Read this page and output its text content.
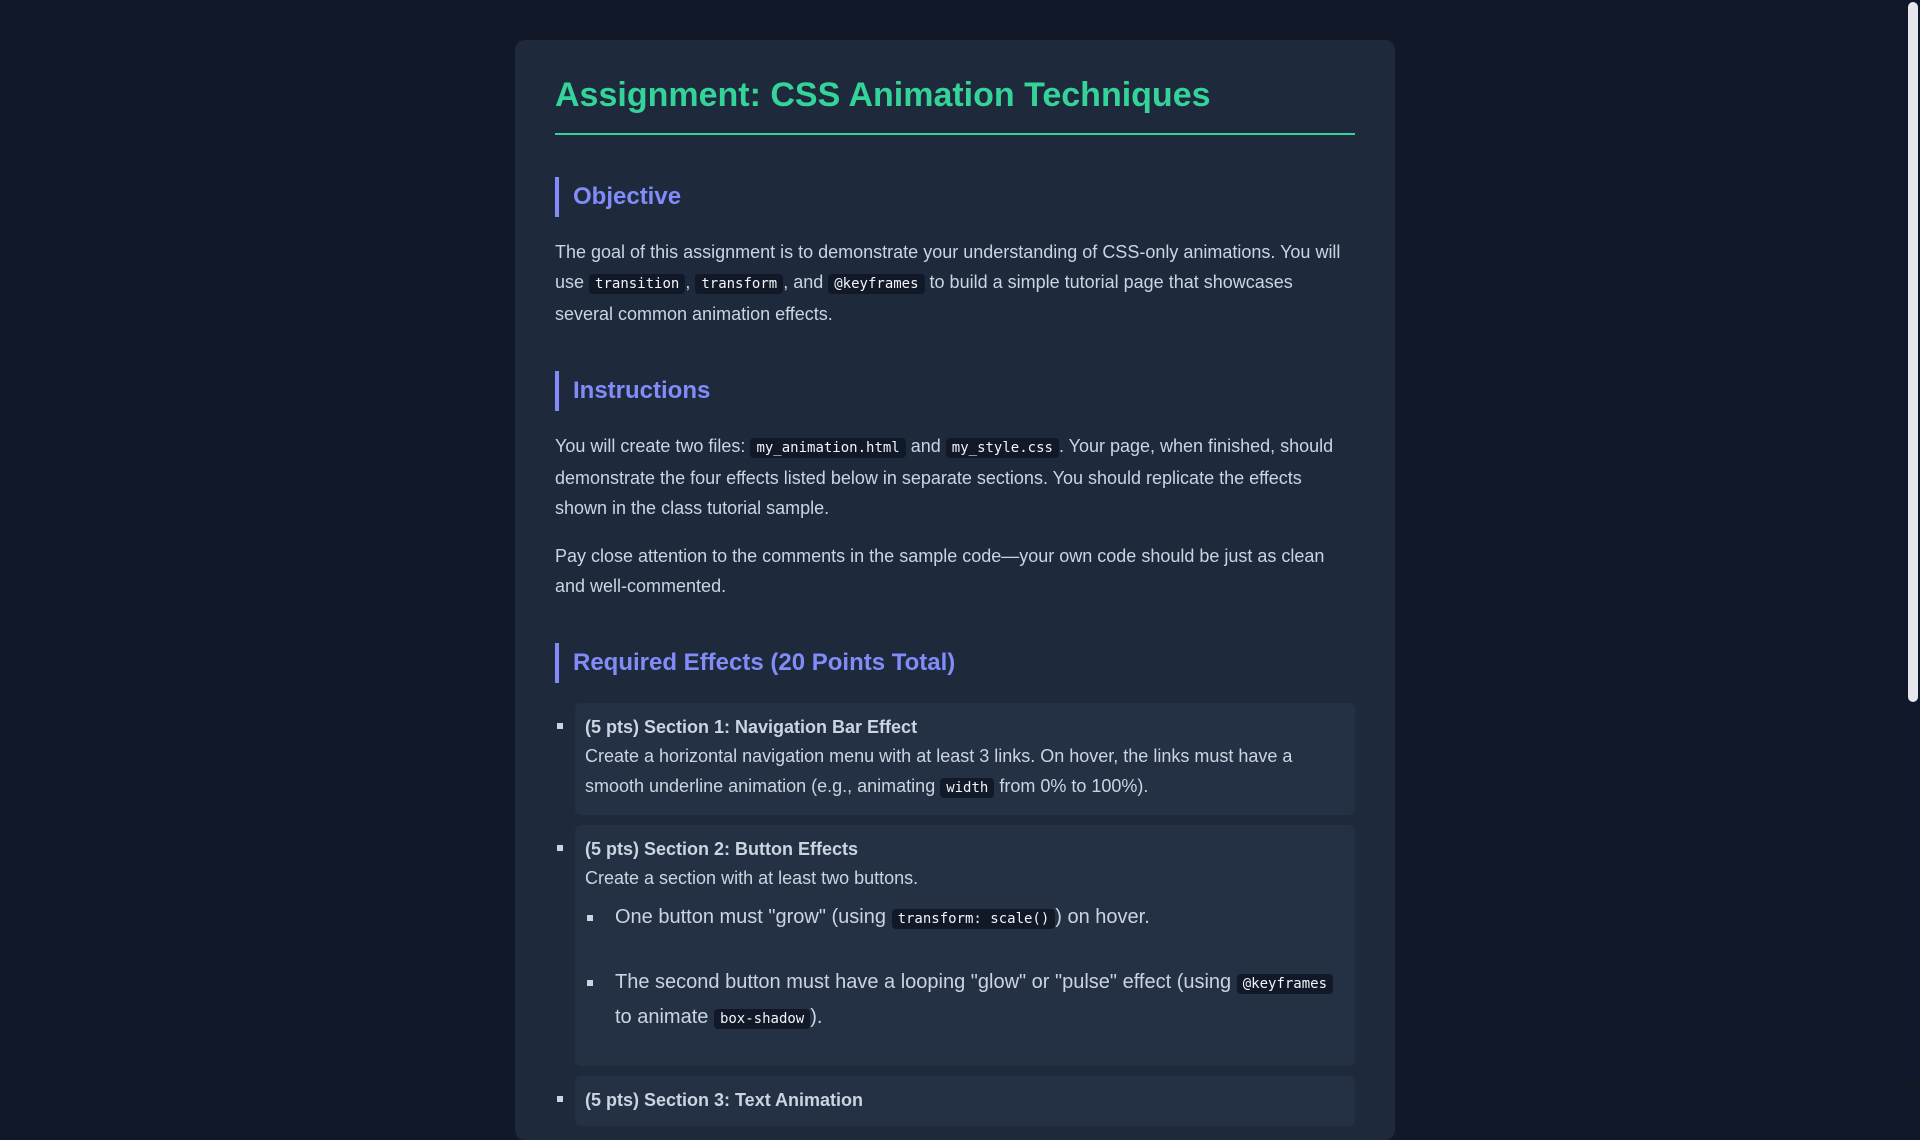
Assignment: CSS Animation Techniques
Objective

The goal of this assignment is to demonstrate your understanding of CSS-only animations. You will use transition , transform , and @keyframes to build a simple tutorial page that showcases several common animation effects.

Instructions

You will create two files: my_animation.html and my_style.css . Your page, when finished, should demonstrate the four effects listed below in separate sections. You should replicate the effects shown in the class tutorial sample.

Pay close attention to the comments in the sample code—your own code should be just as clean and well-commented.

Required Effects (20 Points Total)
(5 pts) Section 1: Navigation Bar Effect
Create a horizontal navigation menu with at least 3 links. On hover, the links must have a smooth underline animation (e.g., animating width from 0% to 100%).
(5 pts) Section 2: Button Effects
Create a section with at least two buttons.
One button must "grow" (using transform: scale() ) on hover.
The second button must have a looping "glow" or "pulse" effect (using @keyframes to animate box-shadow ).
(5 pts) Section 3: Text Animation
